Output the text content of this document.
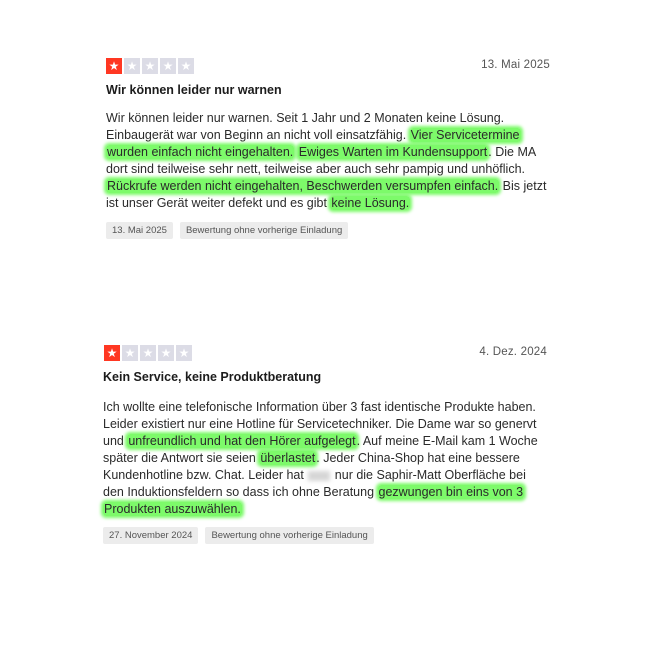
★ ★ ★ ★ ★	13. Mai 2025
Wir können leider nur warnen
Wir können leider nur warnen. Seit 1 Jahr und 2 Monaten keine Lösung.
Einbaugerät war von Beginn an nicht voll einsatzfähig. Vier Servicetermine
wurden einfach nicht eingehalten. Ewiges Warten im Kundensupport. Die MA
dort sind teilweise sehr nett, teilweise aber auch sehr pampig und unhöflich.
Rückrufe werden nicht eingehalten, Beschwerden versumpfen einfach. Bis jetzt
ist unser Gerät weiter defekt und es gibt keine Lösung.
13. Mai 2025	Bewertung ohne vorherige Einladung
★ ★ ★ ★ ★	4. Dez. 2024
Kein Service, keine Produktberatung
Ich wollte eine telefonische Information über 3 fast identische Produkte haben.
Leider existiert nur eine Hotline für Servicetechniker. Die Dame war so genervt
und unfreundlich und hat den Hörer aufgelegt. Auf meine E-Mail kam 1 Woche
später die Antwort sie seien überlastet. Jeder China-Shop hat eine bessere
Kundenhotline bzw. Chat. Leider hat  nur die Saphir-Matt Oberfläche bei
den Induktionsfeldern so dass ich ohne Beratung gezwungen bin eins von 3
Produkten auszuwählen.
27. November 2024	Bewertung ohne vorherige Einladung
